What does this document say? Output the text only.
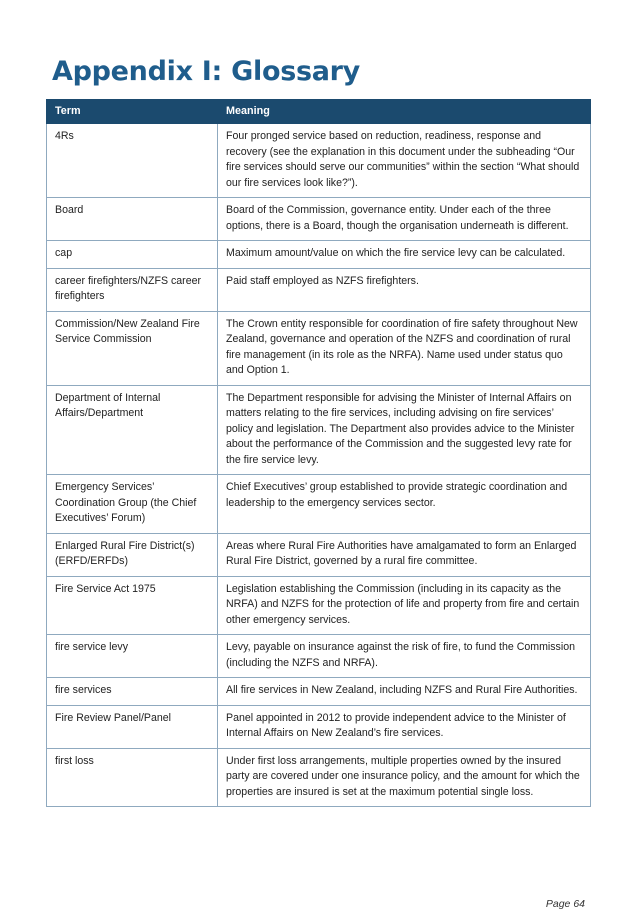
Appendix I: Glossary
Term	Meaning
4Rs	Four pronged service based on reduction, readiness, response and recovery (see the explanation in this document under the subheading “Our fire services should serve our communities” within the section “What should our fire services look like?”).
Board	Board of the Commission, governance entity. Under each of the three options, there is a Board, though the organisation underneath is different.
cap	Maximum amount/value on which the fire service levy can be calculated.
career firefighters/NZFS career firefighters	Paid staff employed as NZFS firefighters.
Commission/New Zealand Fire Service Commission	The Crown entity responsible for coordination of fire safety throughout New Zealand, governance and operation of the NZFS and coordination of rural fire management (in its role as the NRFA). Name used under status quo and Option 1.
Department of Internal Affairs/Department	The Department responsible for advising the Minister of Internal Affairs on matters relating to the fire services, including advising on fire services’ policy and legislation. The Department also provides advice to the Minister about the performance of the Commission and the suggested levy rate for the fire service levy.
Emergency Services’ Coordination Group (the Chief Executives’ Forum)	Chief Executives’ group established to provide strategic coordination and leadership to the emergency services sector.
Enlarged Rural Fire District(s) (ERFD/ERFDs)	Areas where Rural Fire Authorities have amalgamated to form an Enlarged Rural Fire District, governed by a rural fire committee.
Fire Service Act 1975	Legislation establishing the Commission (including in its capacity as the NRFA) and NZFS for the protection of life and property from fire and certain other emergency services.
fire service levy	Levy, payable on insurance against the risk of fire, to fund the Commission (including the NZFS and NRFA).
fire services	All fire services in New Zealand, including NZFS and Rural Fire Authorities.
Fire Review Panel/Panel	Panel appointed in 2012 to provide independent advice to the Minister of Internal Affairs on New Zealand’s fire services.
first loss	Under first loss arrangements, multiple properties owned by the insured party are covered under one insurance policy, and the amount for which the properties are insured is set at the maximum potential single loss.
Page 64
